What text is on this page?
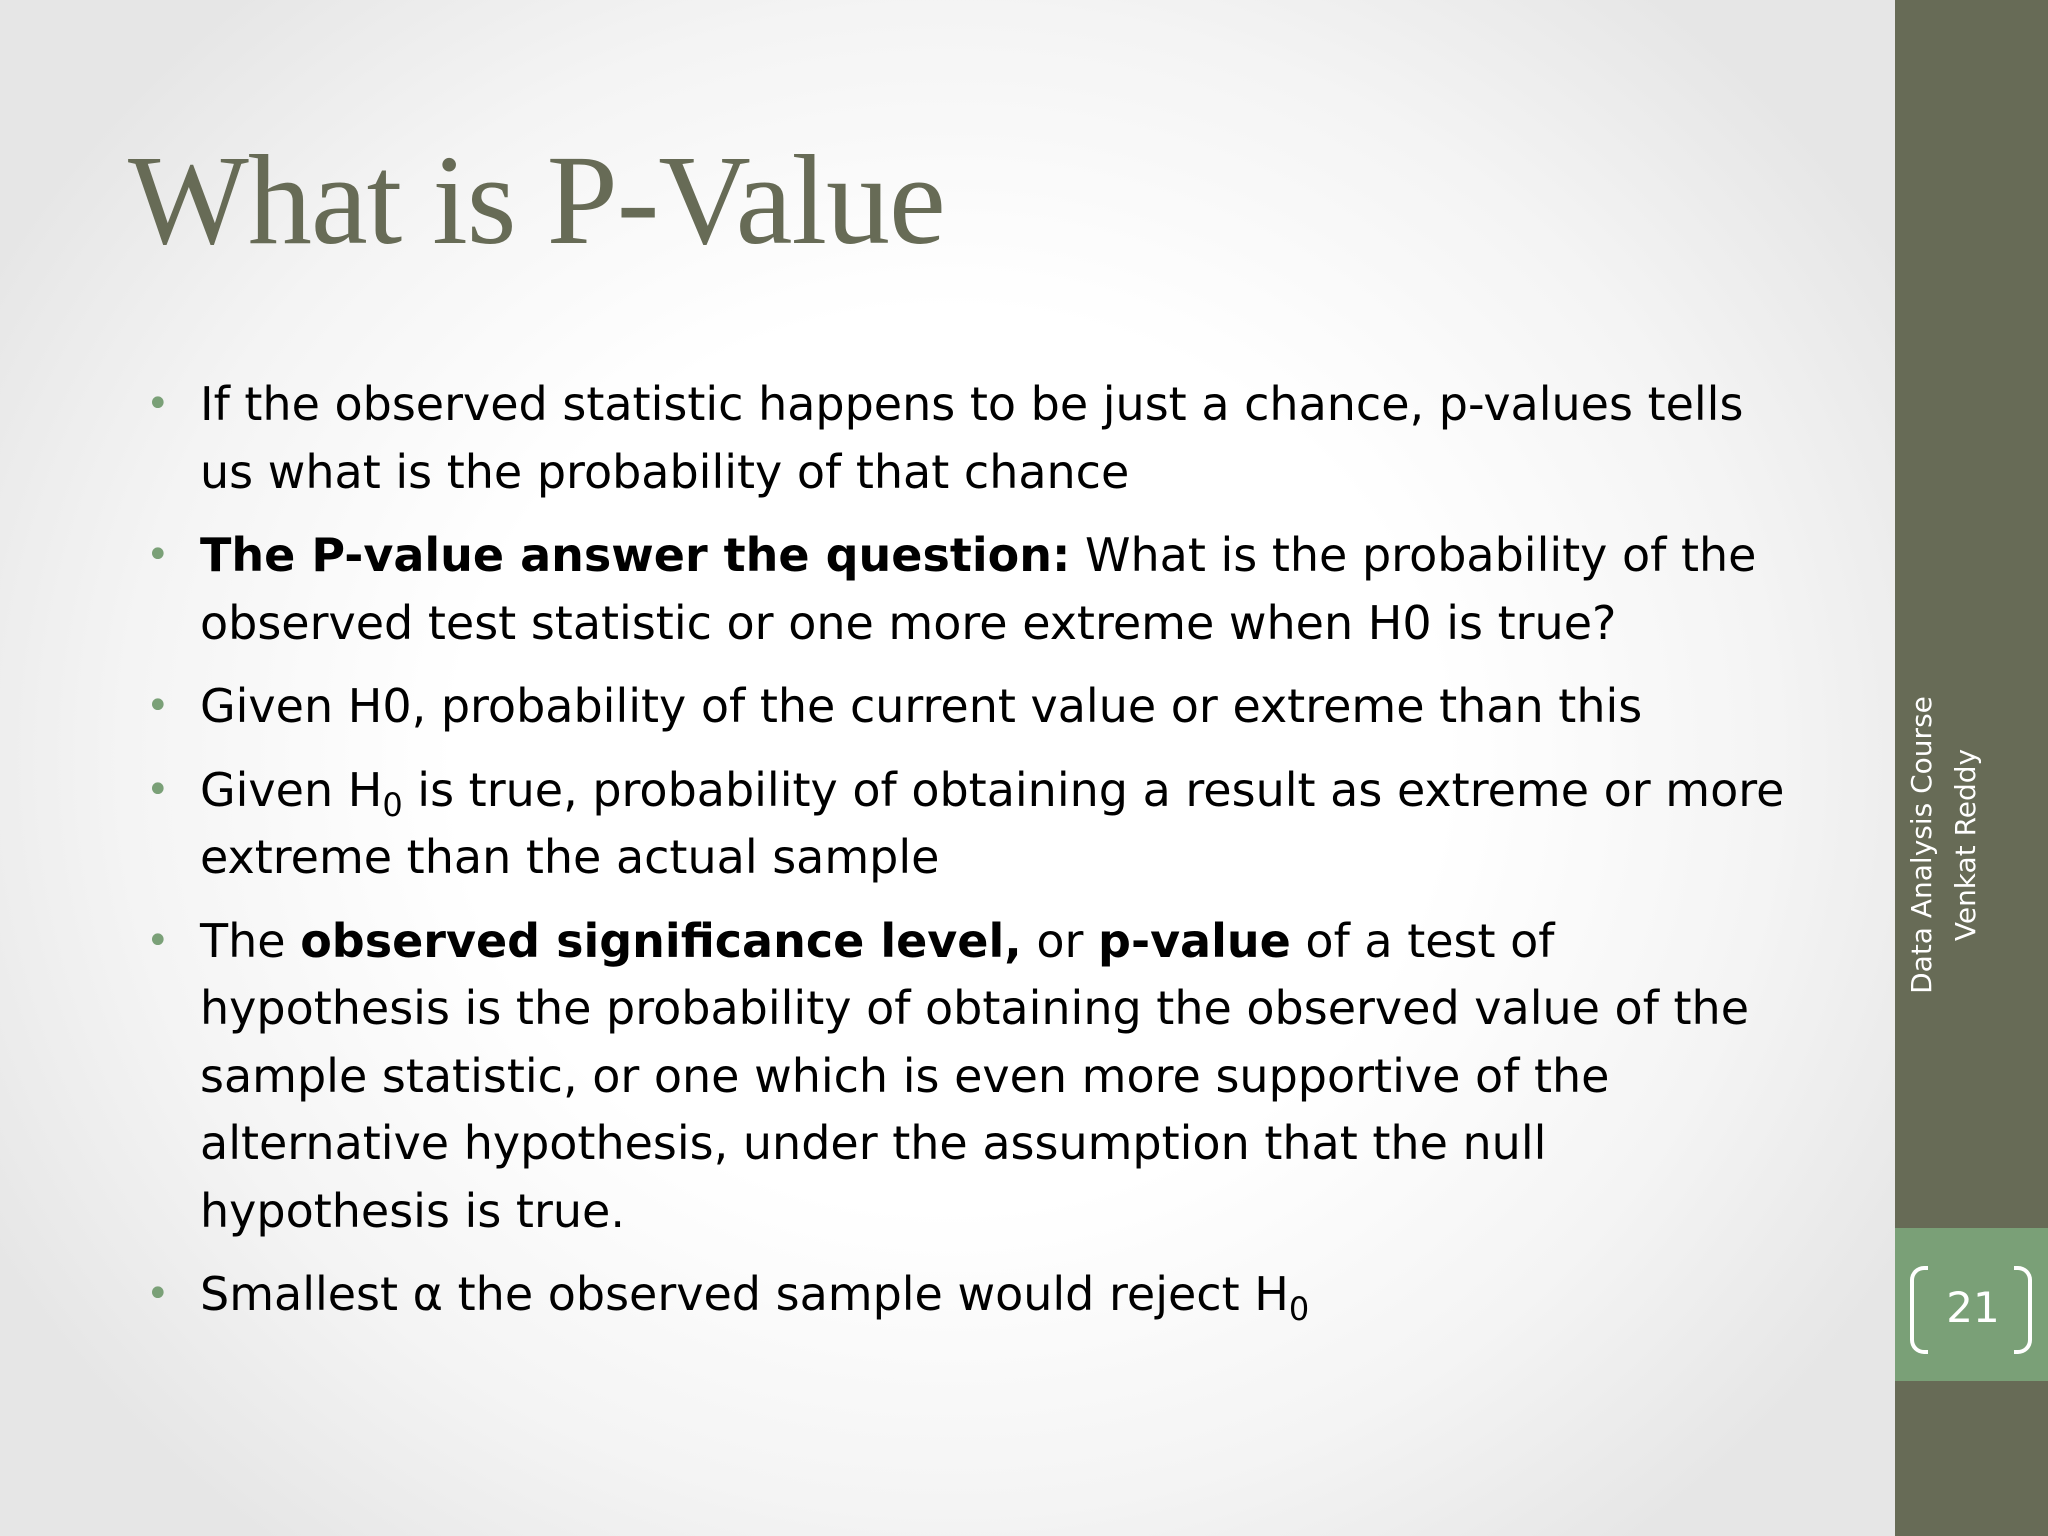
What is P-Value
• If the observed statistic happens to be just a chance, p-values tells us what is the probability of that chance
• The P-value answer the question: What is the probability of the observed test statistic or one more extreme when H0 is true?
• Given H0, probability of the current value or extreme than this
• Given $H_0$ is true, probability of obtaining a result as extreme or more extreme than the actual sample
• The observed significance level, or p-value of a test of hypothesis is the probability of obtaining the observed value of the sample statistic, or one which is even more supportive of the alternative hypothesis, under the assumption that the null hypothesis is true.
• Smallest α the observed sample would reject $H_0$
Data Analysis Course Venkat Reddy
21
